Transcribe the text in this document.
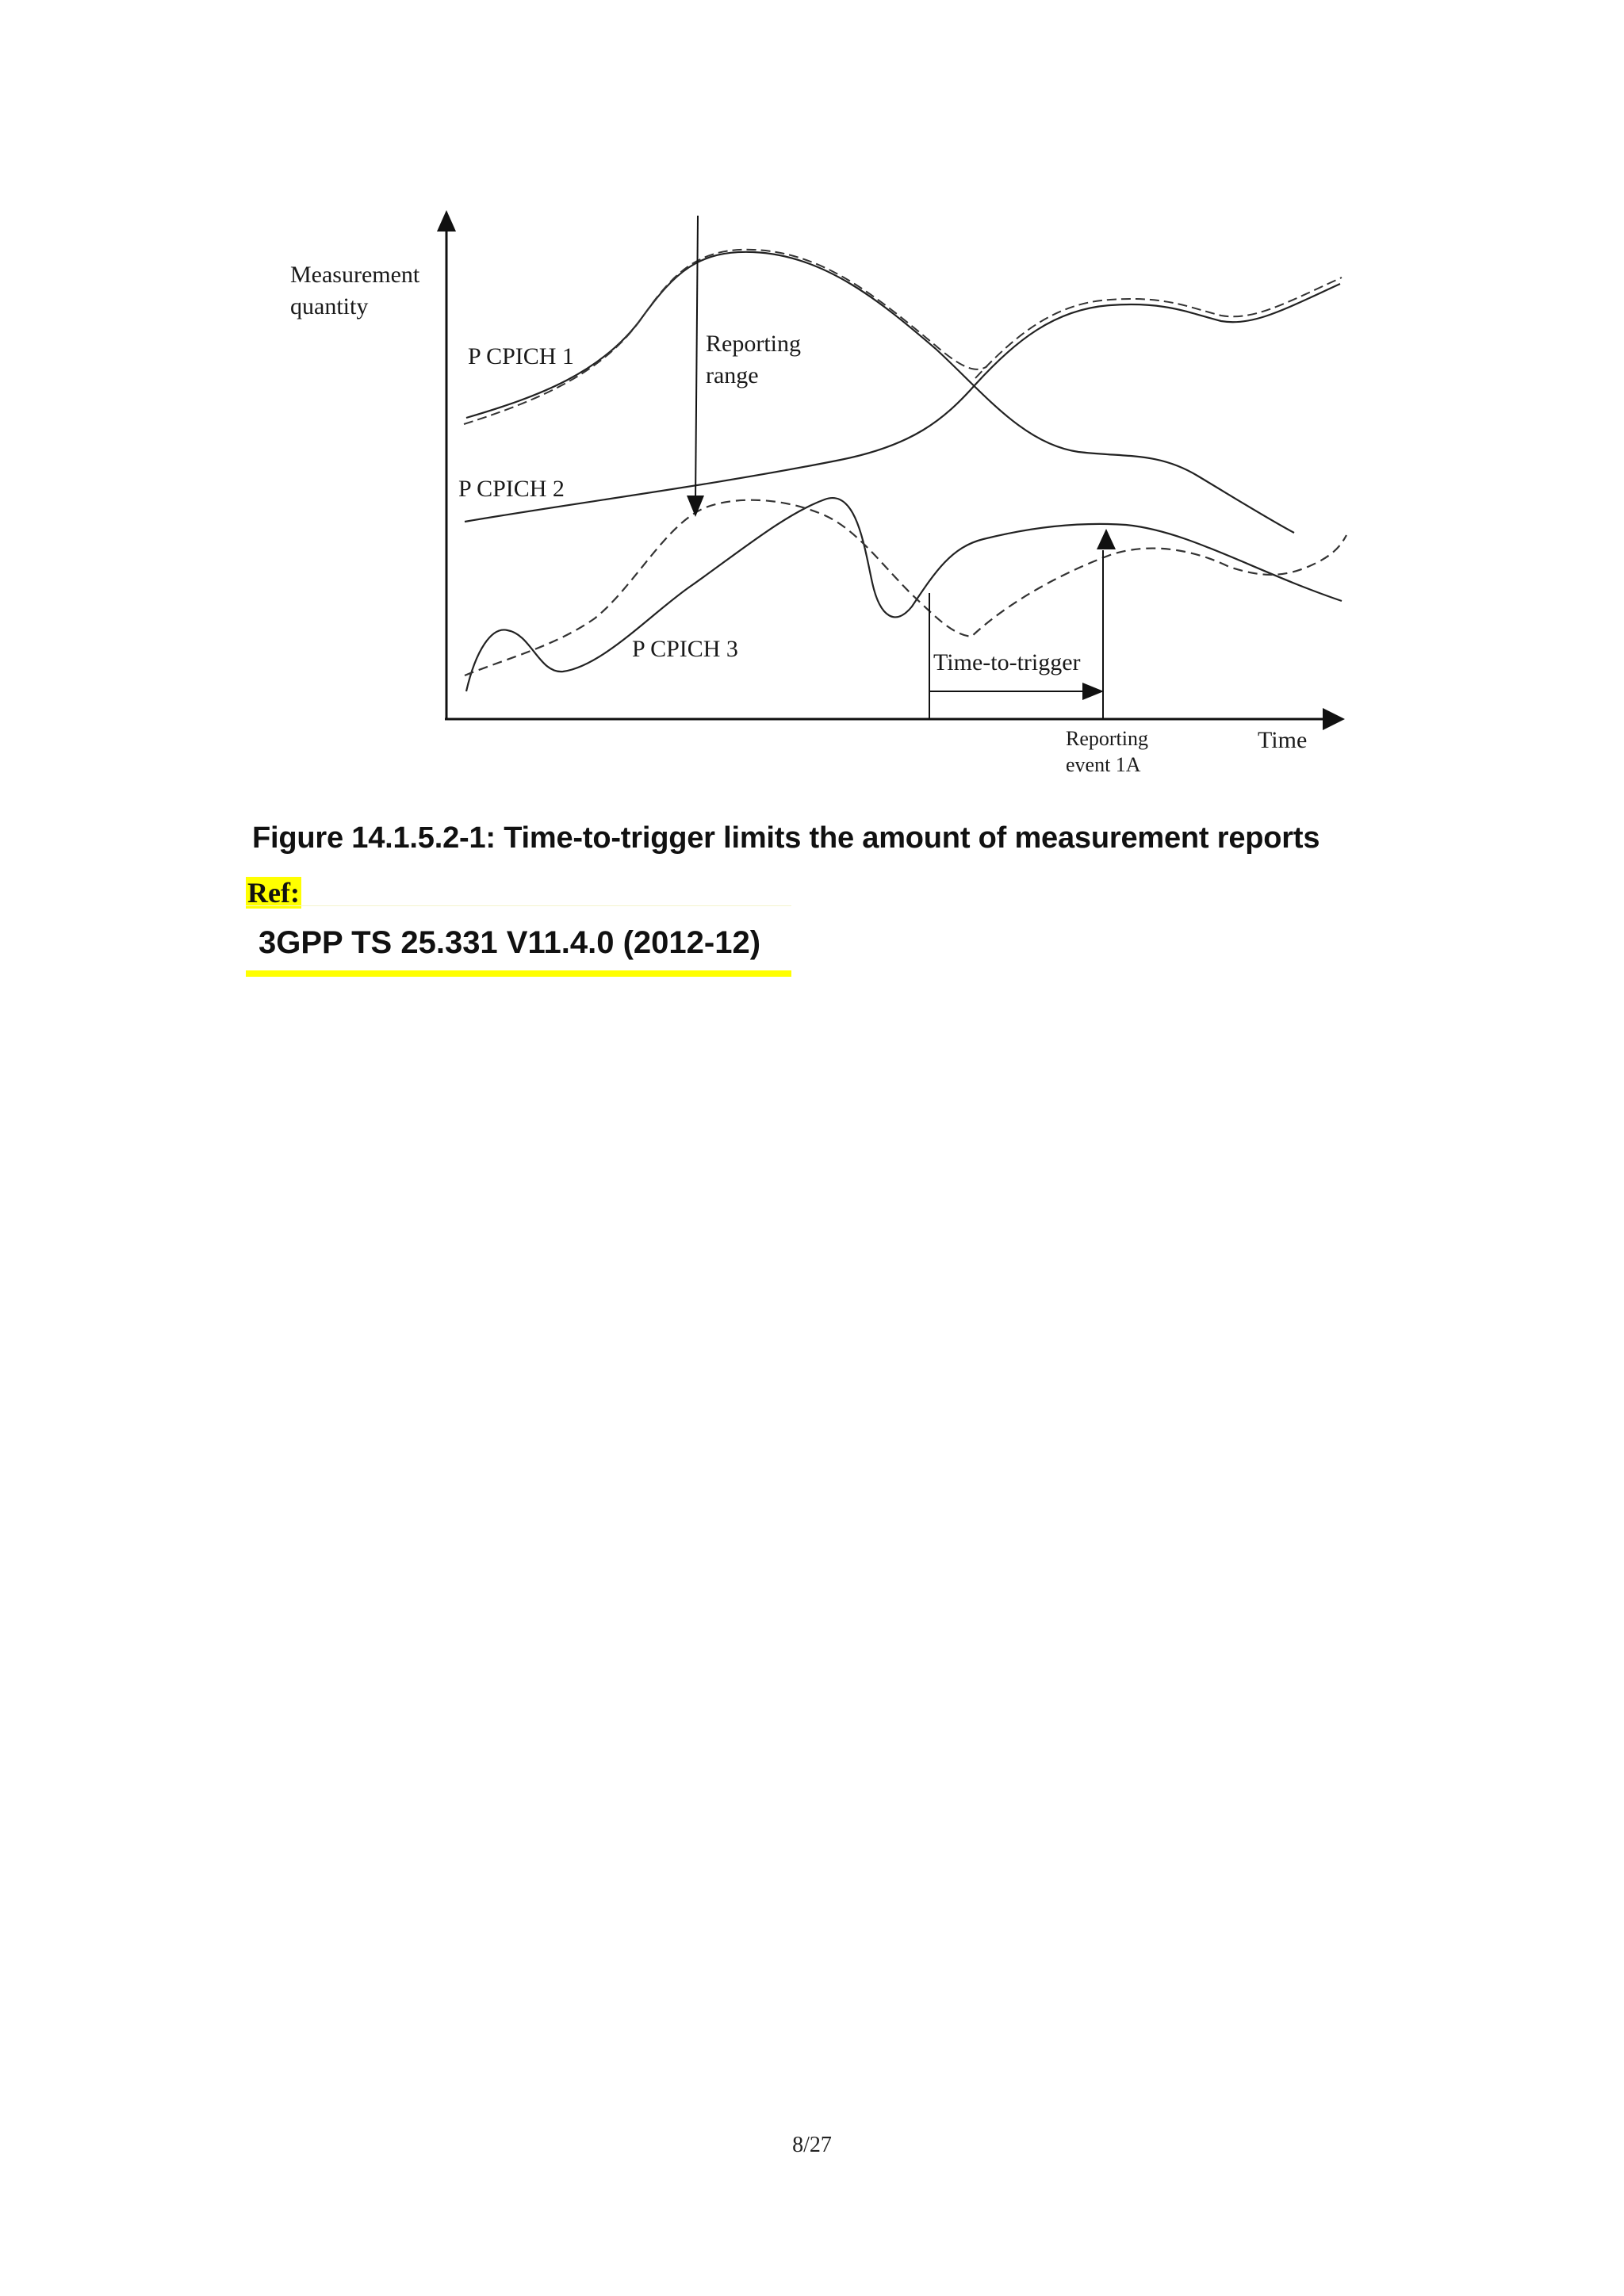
Measurement
quantity
P CPICH 1	Reporting
range
P CPICH 2
P CPICH 3
Time-to-trigger
Reporting
event 1A
Time
Figure 14.1.5.2-1: Time-to-trigger limits the amount of measurement reports
Ref:
3GPP TS 25.331 V11.4.0 (2012-12)
8/27
